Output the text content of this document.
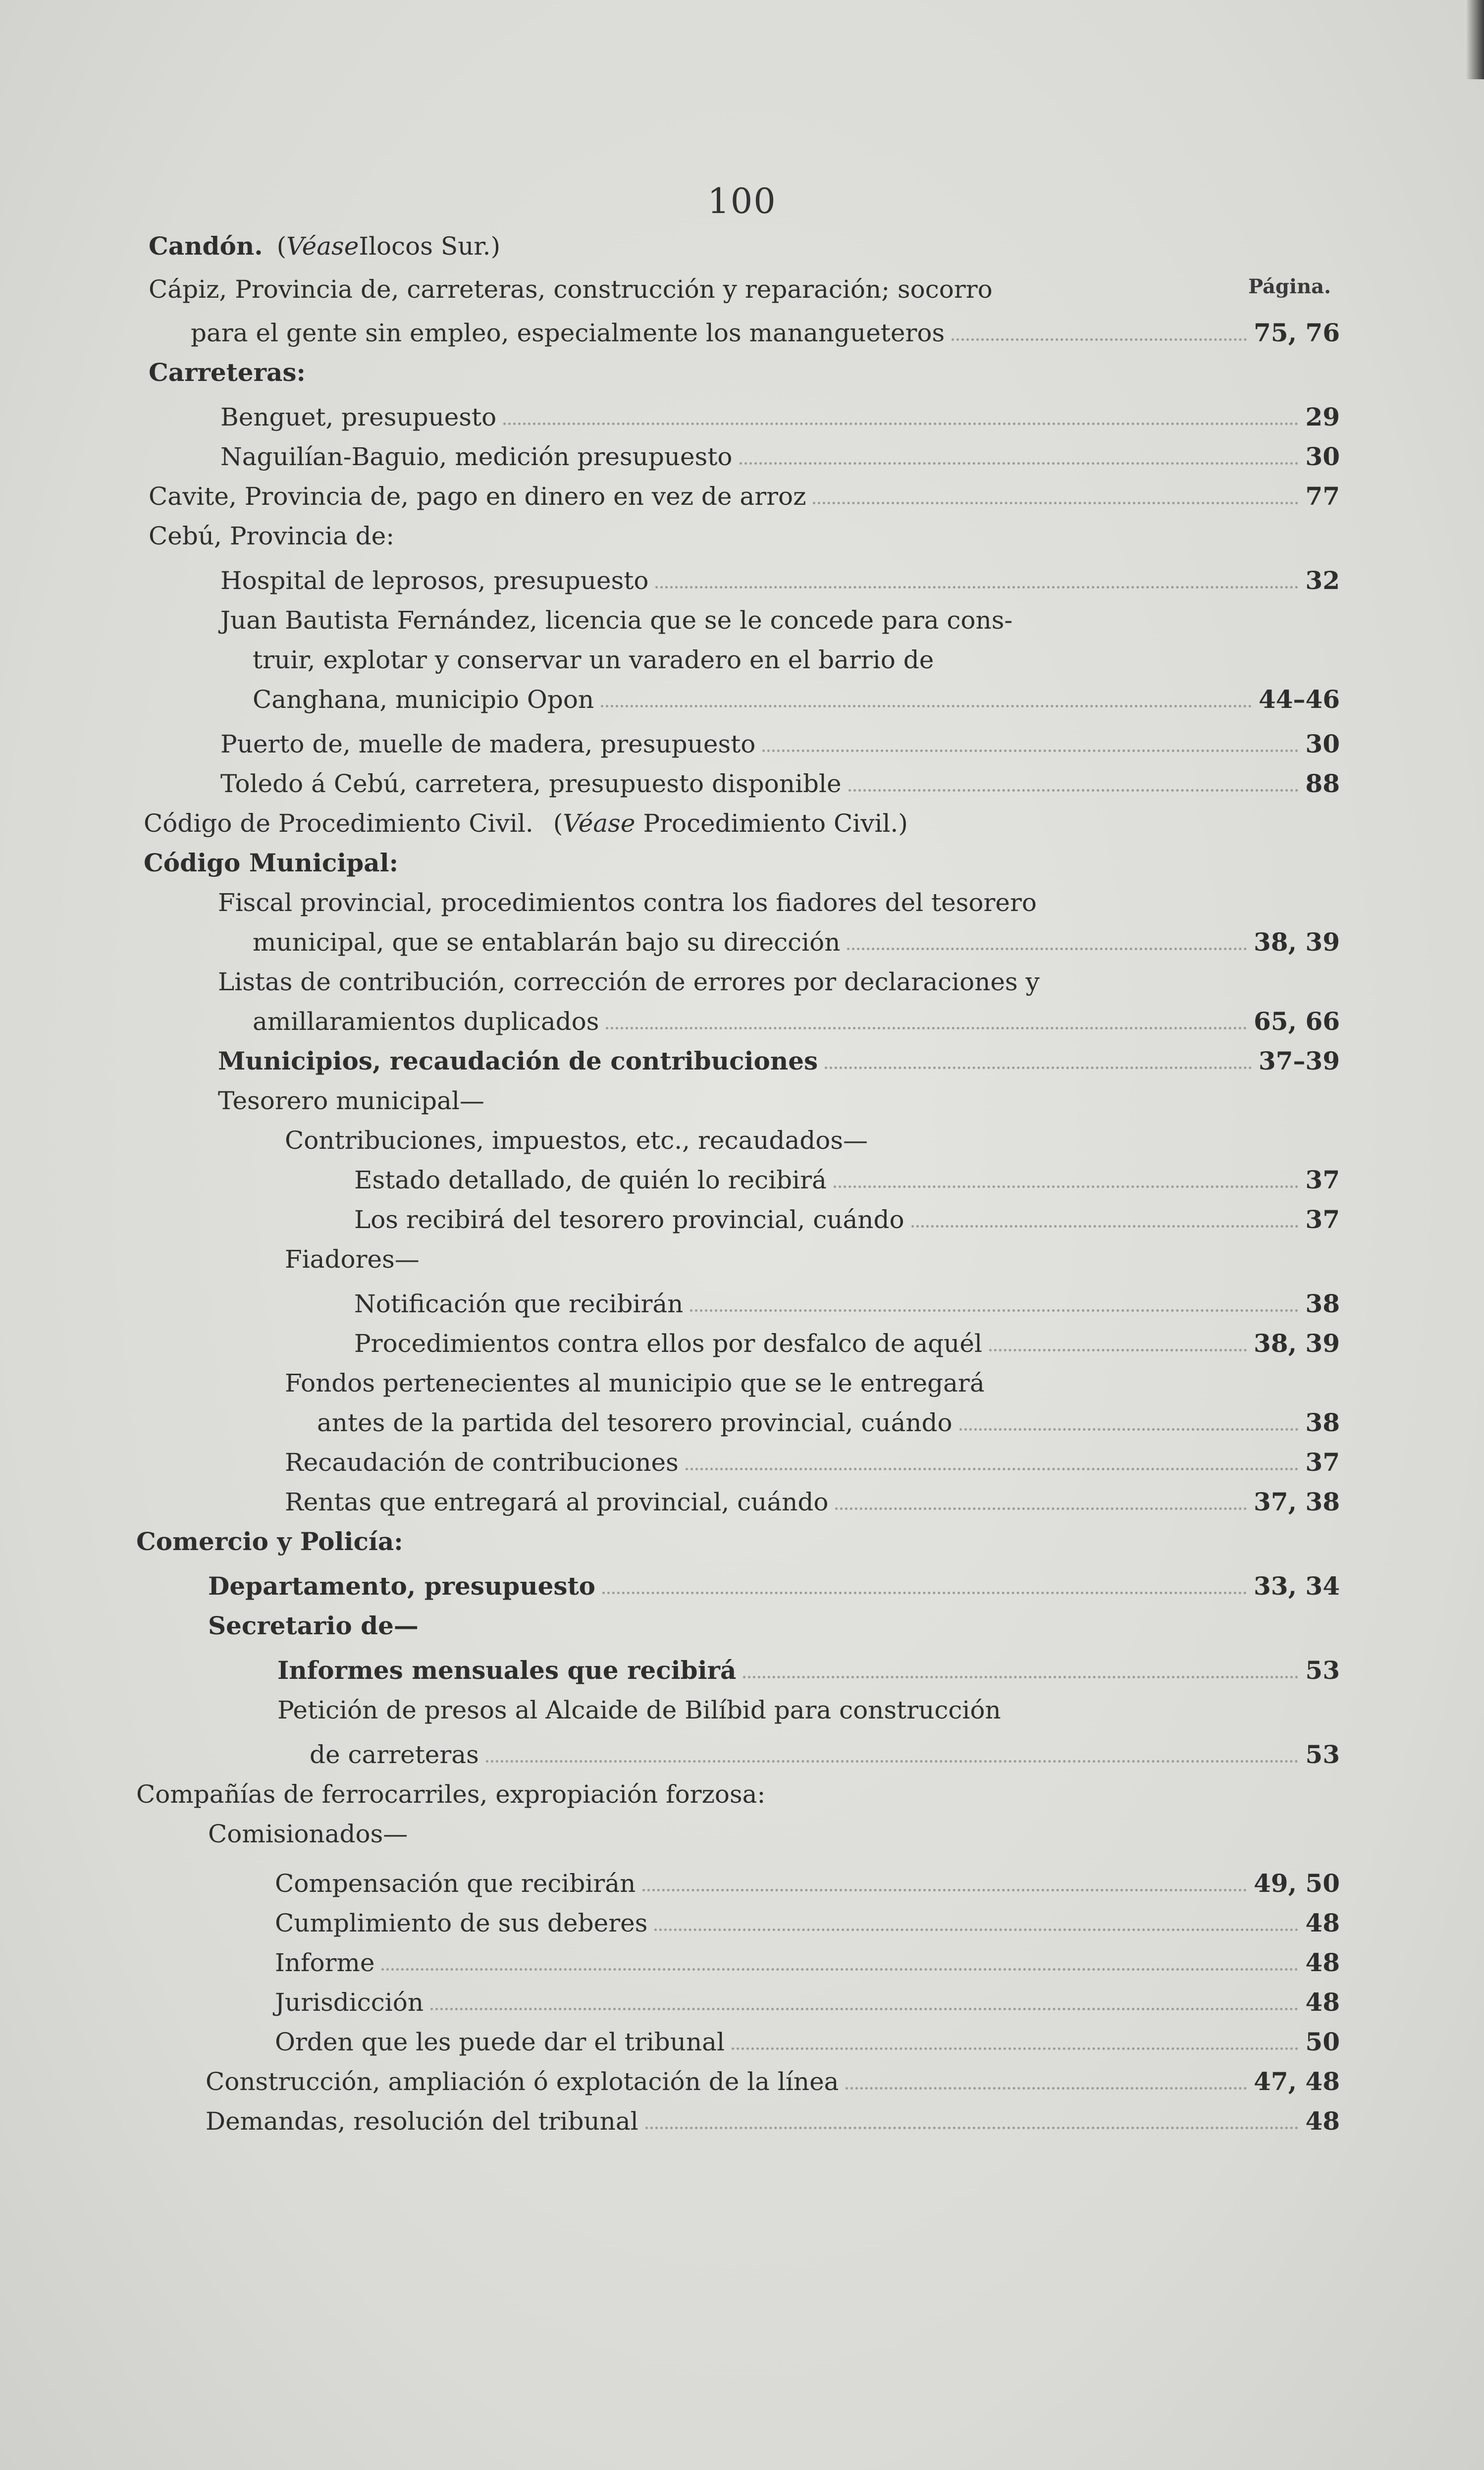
100
Página.
Candón. ( Véase Ilocos Sur.)
Cápiz, Provincia de, carreteras, construcción y reparación; socorro
para el gente sin empleo, especialmente los manangueteros	75, 76
Carreteras:
Benguet, presupuesto	29
Naguilían-Baguio, medición presupuesto	30
Cavite, Provincia de, pago en dinero en vez de arroz	77
Cebú, Provincia de:
Hospital de leprosos, presupuesto	32
Juan Bautista Fernández, licencia que se le concede para cons-
truir, explotar y conservar un varadero en el barrio de
Canghana, municipio Opon	44–46
Puerto de, muelle de madera, presupuesto	30
Toledo á Cebú, carretera, presupuesto disponible	88
Código de Procedimiento Civil. ( Véase Procedimiento Civil.)
Código Municipal:
Fiscal provincial, procedimientos contra los fiadores del tesorero
municipal, que se entablarán bajo su dirección	38, 39
Listas de contribución, corrección de errores por declaraciones y
amillaramientos duplicados	65, 66
Municipios, recaudación de contribuciones	37–39
Tesorero municipal—
Contribuciones, impuestos, etc., recaudados—
Estado detallado, de quién lo recibirá	37
Los recibirá del tesorero provincial, cuándo	37
Fiadores—
Notificación que recibirán	38
Procedimientos contra ellos por desfalco de aquél	38, 39
Fondos pertenecientes al municipio que se le entregará
antes de la partida del tesorero provincial, cuándo	38
Recaudación de contribuciones	37
Rentas que entregará al provincial, cuándo	37, 38
Comercio y Policía:
Departamento, presupuesto	33, 34
Secretario de—
Informes mensuales que recibirá	53
Petición de presos al Alcaide de Bilíbid para construcción
de carreteras	53
Compañías de ferrocarriles, expropiación forzosa:
Comisionados—
Compensación que recibirán	49, 50
Cumplimiento de sus deberes	48
Informe	48
Jurisdicción	48
Orden que les puede dar el tribunal	50
Construcción, ampliación ó explotación de la línea	47, 48
Demandas, resolución del tribunal	48
